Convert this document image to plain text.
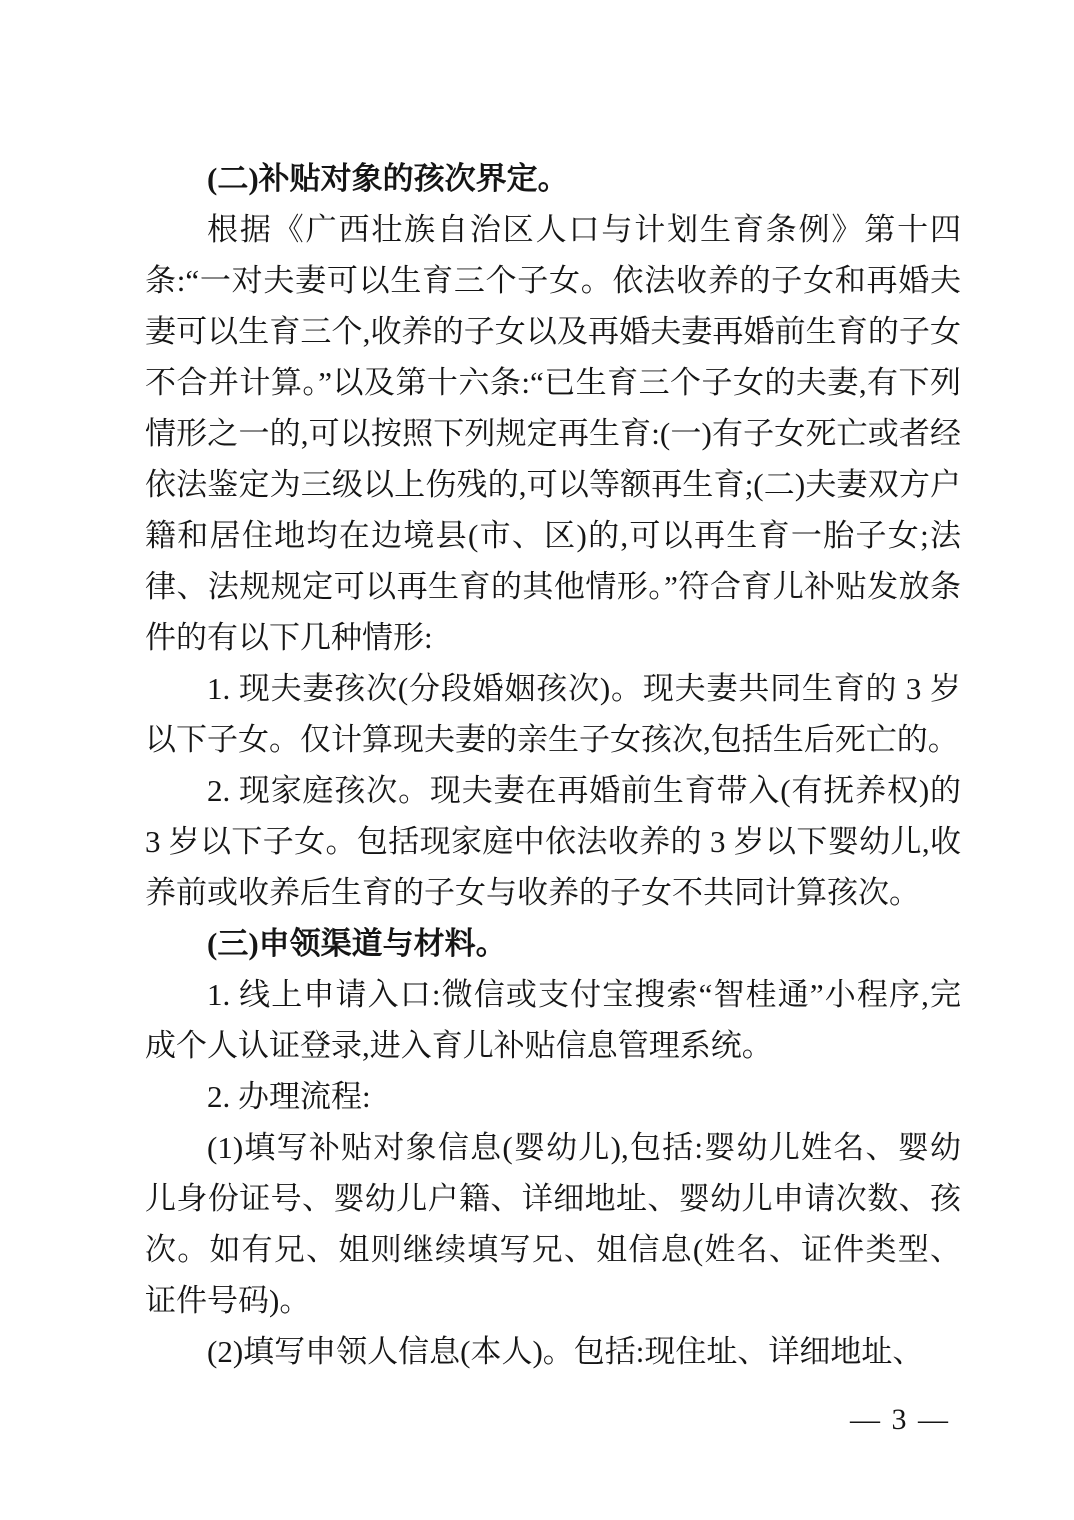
(二)补贴对象的孩次界定。

根据《广西壮族自治区人口与计划生育条例》第十四条:“一对夫妻可以生育三个子女。依法收养的子女和再婚夫妻可以生育三个,收养的子女以及再婚夫妻再婚前生育的子女不合并计算。”以及第十六条:“已生育三个子女的夫妻,有下列情形之一的,可以按照下列规定再生育:(一)有子女死亡或者经依法鉴定为三级以上伤残的,可以等额再生育;(二)夫妻双方户籍和居住地均在边境县(市、区)的,可以再生育一胎子女;法律、法规规定可以再生育的其他情形。”符合育儿补贴发放条件的有以下几种情形:

1. 现夫妻孩次(分段婚姻孩次)。现夫妻共同生育的 3 岁以下子女。仅计算现夫妻的亲生子女孩次,包括生后死亡的。

2. 现家庭孩次。现夫妻在再婚前生育带入(有抚养权)的 3 岁以下子女。包括现家庭中依法收养的 3 岁以下婴幼儿,收养前或收养后生育的子女与收养的子女不共同计算孩次。

(三)申领渠道与材料。

1. 线上申请入口:微信或支付宝搜索“智桂通”小程序,完成个人认证登录,进入育儿补贴信息管理系统。

2. 办理流程:

(1)填写补贴对象信息(婴幼儿),包括:婴幼儿姓名、婴幼儿身份证号、婴幼儿户籍、详细地址、婴幼儿申请次数、孩次。如有兄、姐则继续填写兄、姐信息(姓名、证件类型、证件号码)。

(2)填写申领人信息(本人)。包括:现住址、详细地址、

— 3 —
